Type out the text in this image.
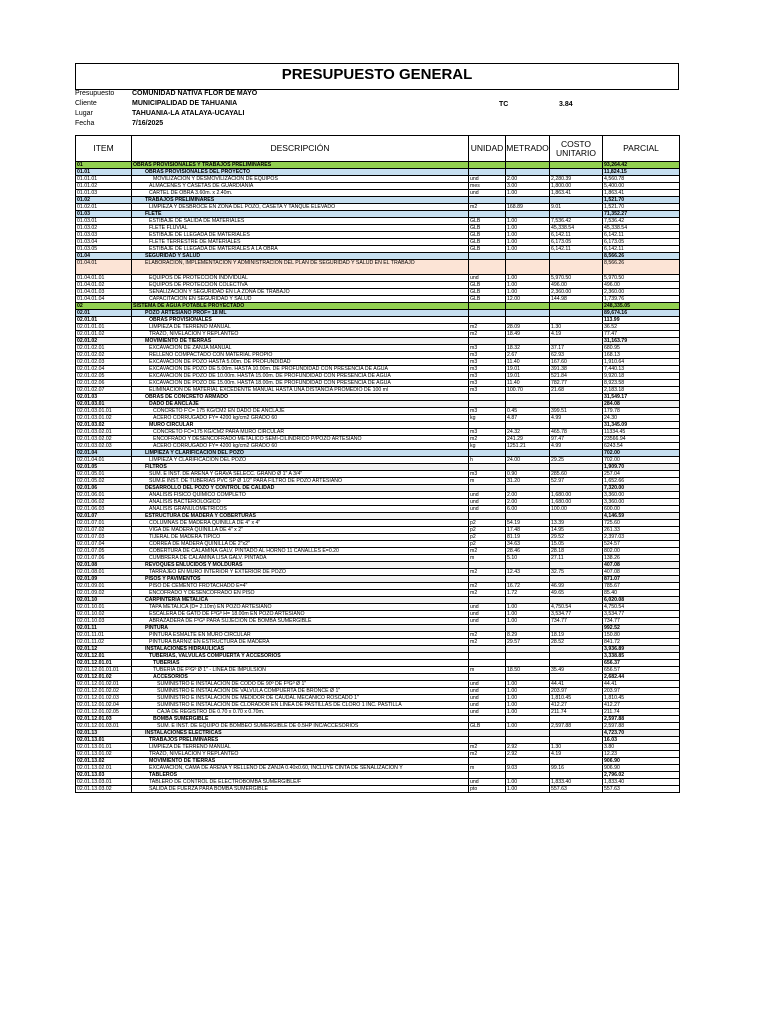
PRESUPUESTO GENERAL
Presupuesto	COMUNIDAD NATIVA FLOR DE MAYO
Cliente	MUNICIPALIDAD DE TAHUANIA
Lugar	TAHUANIA-LA ATALAYA-UCAYALI
Fecha	7/16/2025
TC	3.84
ITEM	DESCRIPCIÓN	UNIDAD	METRADO	COSTO UNITARIO	PARCIAL
01	OBRAS PROVISIONALES Y TRABAJOS PRELIMINARES				93,264.42
01.01	OBRAS PROVISIONALES DEL PROYECTO				11,824.15
01.01.01	MOVILIZACION Y DESMOVILIZACION DE EQUIPOS	und	2.00	2,280.39	4,560.78
01.01.02	ALMACENES Y CASETAS DE GUARDIANIA	mes	3.00	1,800.00	5,400.00
01.01.03	CARTEL DE OBRA 3.60m. x 2.40m.	und	1.00	1,863.41	1,863.41
01.02	TRABAJOS PRELIMINARES				1,521.70
01.02.01	LIMPIEZA Y DESBROCE EN ZONA DEL POZO, CASETA Y TANQUE ELEVADO	m2	168.89	9.01	1,521.70
01.03	FLETE				71,352.27
01.03.01	ESTIBAJE DE SALIDA DE MATERIALES	GLB	1.00	7,536.42	7,536.42
01.03.02	FLETE FLUVIAL	GLB	1.00	45,338.54	45,338.54
01.03.03	ESTIBAJE DE LLEGADA DE MATERIALES	GLB	1.00	6,142.11	6,142.11
01.03.04	FLETE TERRESTRE DE MATERIALES	GLB	1.00	6,173.05	6,173.05
01.03.05	ESTIBAJE DE LLEGADA DE MATERIALES A LA OBRA	GLB	1.00	6,142.11	6,142.11
01.04	SEGURIDAD Y SALUD				8,566.26
01.04.01	ELABORACION, IMPLEMENTACION Y ADMINISTRACION DEL PLAN DE SEGURIDAD Y SALUD EN EL TRABAJO				8,566.26
01.04.01.01	EQUIPOS DE PROTECCION INDIVIDUAL	und	1.00	5,970.50	5,970.50
01.04.01.02	EQUIPOS DE PROTECCION COLECTIVA	GLB	1.00	496.00	496.00
01.04.01.03	SEÑALIZACION Y SEGURIDAD EN LA ZONA DE TRABAJO	GLB	1.00	2,360.00	2,360.00
01.04.01.04	CAPACITACION EN SEGURIDAD Y SALUD	GLB	12.00	144.98	1,739.76
02	SISTEMA DE AGUA POTABLE PROYECTADO				248,335.05
02.01	POZO ARTESIANO PROF= 18 ML				89,674.16
02.01.01	OBRAS PROVISIONALES				113.99
02.01.01.01	LIMPIEZA DE TERRENO MANUAL	m2	28.09	1.30	36.52
02.01.01.02	TRAZO, NIVELACION Y REPLANTEO	m2	18.49	4.19	77.47
02.01.02	MOVIMIENTO DE TIERRAS				31,163.79
02.01.02.01	EXCAVACION DE ZANJA MANUAL	m3	18.32	37.17	680.95
02.01.02.02	RELLENO COMPACTADO CON MATERIAL PROPIO	m3	2.67	62.93	168.13
02.01.02.03	EXCAVACION DE POZO HASTA 5.00m. DE PROFUNDIDAD	m3	11.40	167.60	1,910.64
02.01.02.04	EXCAVACION DE POZO DE 5.00m. HASTA 10.00m. DE PROFUNDIDAD CON PRESENCIA DE AGUA	m3	19.01	391.38	7,440.13
02.01.02.05	EXCAVACION DE POZO DE 10.00m. HASTA 15.00m. DE PROFUNDIDAD CON PRESENCIA DE AGUA	m3	19.01	521.84	9,920.18
02.01.02.06	EXCAVACION DE POZO DE 15.00m. HASTA 18.00m. DE PROFUNDIDAD CON PRESENCIA DE AGUA	m3	11.40	782.77	8,923.58
02.01.02.07	ELIMINACION DE MATERIAL EXCEDENTE MANUAL HASTA UNA DISTANCIA PROMEDIO DE 100 ml	m3	100.70	21.68	2,183.18
02.01.03	OBRAS DE CONCRETO ARMADO				31,549.17
02.01.03.01	DADO DE ANCLAJE				284.08
02.01.03.01.01	CONCRETO F'C= 175 KG/CM2 EN DADO DE ANCLAJE	m3	0.45	399.51	179.78
02.01.03.01.02	ACERO CORRUGADO FY= 4200 kg/cm2 GRADO 60	kg	4.87	4.99	24.30
02.01.03.02	MURO CIRCULAR				31,345.09
02.01.03.02.01	CONCRETO FC=175 KG/CM2 PARA MURO CIRCULAR	m3	24.32	465.78	11334.45
02.01.03.02.02	ENCOFRADO Y DESENCOFRADO METALICO SEMI-CILINDRICO P/POZO ARTESIANO	m2	241.29	97.47	23566.94
02.01.03.02.03	ACERO CORRUGADO FY= 4200 kg/cm2 GRADO 60	kg	1251.21	4.99	6243.54
02.01.04	LIMPIEZA Y CLARIFICACION DEL POZO				702.00
02.01.04.01	LIMPIEZA Y CLARIFICACION DEL POZO	h	24.00	29.25	702.00
02.01.05	FILTROS				1,909.70
02.01.05.01	SUM. E INST. DE ARENA Y GRAVA SELECC. GRANO Ø 1" A 3/4"	m3	0.90	285.60	257.04
02.01.05.02	SUM.E INST. DE TUBERIAS PVC SP Ø 1/2" PARA FILTRO DE POZO ARTESIANO	m	31.20	52.97	1,652.66
02.01.06	DESARROLLO DEL POZO Y CONTROL DE CALIDAD				7,320.00
02.01.06.01	ANALISIS FISICO QUIMICO COMPLETO	und	2.00	1,680.00	3,360.00
02.01.06.02	ANALISIS BACTERIOLOGICO	und	2.00	1,680.00	3,360.00
02.01.06.03	ANALISIS GRANULOMETRICOS	und	6.00	100.00	600.00
02.01.07	ESTRUCTURA DE MADERA Y COBERTURAS				4,146.59
02.01.07.01	COLUMNAS DE MADERA QUINILLA DE 4" x 4"	p2	54.19	13.39	725.60
02.01.07.02	VIGA DE MADERA QUINILLA DE 4" x 2"	p2	17.48	14.95	261.33
02.01.07.03	TIJERAL DE MADERA TIPICO	p2	81.19	29.52	2,397.03
02.01.07.04	CORREA DE MADERA QUINILLA DE 2"x2"	p2	34.63	15.05	524.57
02.01.07.05	COBERTURA DE CALAMINA GALV. PINTADO AL HORNO 11 CANALLES E=0.20	m2	28.46	28.18	802.00
02.01.07.06	CUMBRERA DE CALAMINA LISA GALV. PINTADA	m	5.10	27.11	138.26
02.01.08	REVOQUES ENLUCIDOS Y MOLDURAS				407.08
02.01.08.01	TARRAJEO EN MURO INTERIOR Y EXTERIOR DE POZO	m2	12.43	32.75	407.08
02.01.09	PISOS Y PAVIMENTOS				871.07
02.01.09.01	PISO DE CEMENTO FROTACHADO E=4"	m2	16.72	46.99	785.67
02.01.09.02	ENCOFRADO Y DESENCOFRADO EN PISO	m2	1.72	49.65	85.40
02.01.10	CARPINTERIA METALICA				6,020.08
02.01.10.01	TAPA METALICA (D= 2.10m) EN POZO ARTESIANO	und	1.00	4,750.54	4,750.54
02.01.10.02	ESCALERA DE GATO DE FºGº H= 18.00m EN POZO ARTESIANO	und	1.00	3,534.77	3,534.77
02.01.10.03	ABRAZADERA DE FºGº PARA SUJECION DE BOMBA SUMERGIBLE	und	1.00	734.77	734.77
02.01.11	PINTURA				992.52
02.01.11.01	PINTURA ESMALTE EN MURO CIRCULAR	m2	8.29	18.19	150.80
02.01.11.02	PINTURA BARNIZ EN ESTRUCTURA DE MADERA	m2	29.57	28.52	841.72
02.01.12	INSTALACIONES HIDRAULICAS				3,936.89
02.01.12.01	TUBERIAS, VALVULAS COMPUERTA Y ACCESORIOS				3,338.85
02.01.12.01.01	TUBERIAS				656.37
02.01.12.01.01.01	TUBERIA DE FºGº Ø 1" - LINEA DE IMPULSION	m	18.50	35.49	656.57
02.01.12.01.02	ACCESORIOS				2,682.44
02.01.12.01.02.01	SUMINISTRO E INSTALACION DE CODO DE 90º DE FºGº Ø 1"	und	1.00	44.41	44.41
02.01.12.01.02.02	SUMINISTRO E INSTALACION DE VALVULA COMPUERTA DE BRONCE Ø 1"	und	1.00	203.97	203.97
02.01.12.01.02.03	SUMINISTRO E INSTALACION DE MEDIDOR DE CAUDAL MECANICO ROSCADO 1"	und	1.00	1,810.45	1,810.45
02.01.12.01.02.04	SUMINISTRO E INSTALACION DE CLORADOR EN LINEA DE PASTILLAS DE CLORO 1 INC. PASTILLA	und	1.00	412.27	412.27
02.01.12.01.02.05	CAJA DE REGISTRO DE 0.70 x 0.70 x 0.70m.	und	1.00	211.74	211.74
02.01.12.01.03	BOMBA SUMERGIBLE				2,597.88
02.01.12.01.03.01	SUM. E INST. DE EQUIPO DE BOMBEO SUMERGIBLE DE 0.5HP INC/ACCESORIOS	GLB	1.00	2,597.88	2,597.88
02.01.13	INSTALACIONES ELECTRICAS				4,723.70
02.01.13.01	TRABAJOS PRELIMINARES				16.03
02.01.13.01.01	LIMPIEZA DE TERRENO MANUAL	m2	2.92	1.30	3.80
02.01.13.01.02	TRAZO, NIVELACION Y REPLANTEO	m2	2.92	4.19	12.23
02.01.13.02	MOVIMIENTO DE TIERRAS				906.90
02.01.13.02.01	EXCAVACION, CAMA DE ARENA Y RELLENO DE ZANJA 0.40x0.60, INCLUYE CINTA DE SEÑALIZACION Y	m	9.03	99.16	906.90
02.01.13.03	TABLEROS				2,796.02
02.01.13.03.01	TABLERO DE CONTROL DE ELECTROBOMBA SUMERGIBLE/F	und	1.00	1,833.40	1,833.40
02.01.13.03.02	SALIDA DE FUERZA PARA BOMBA SUMERGIBLE	pto	1.00	557.63	557.63
